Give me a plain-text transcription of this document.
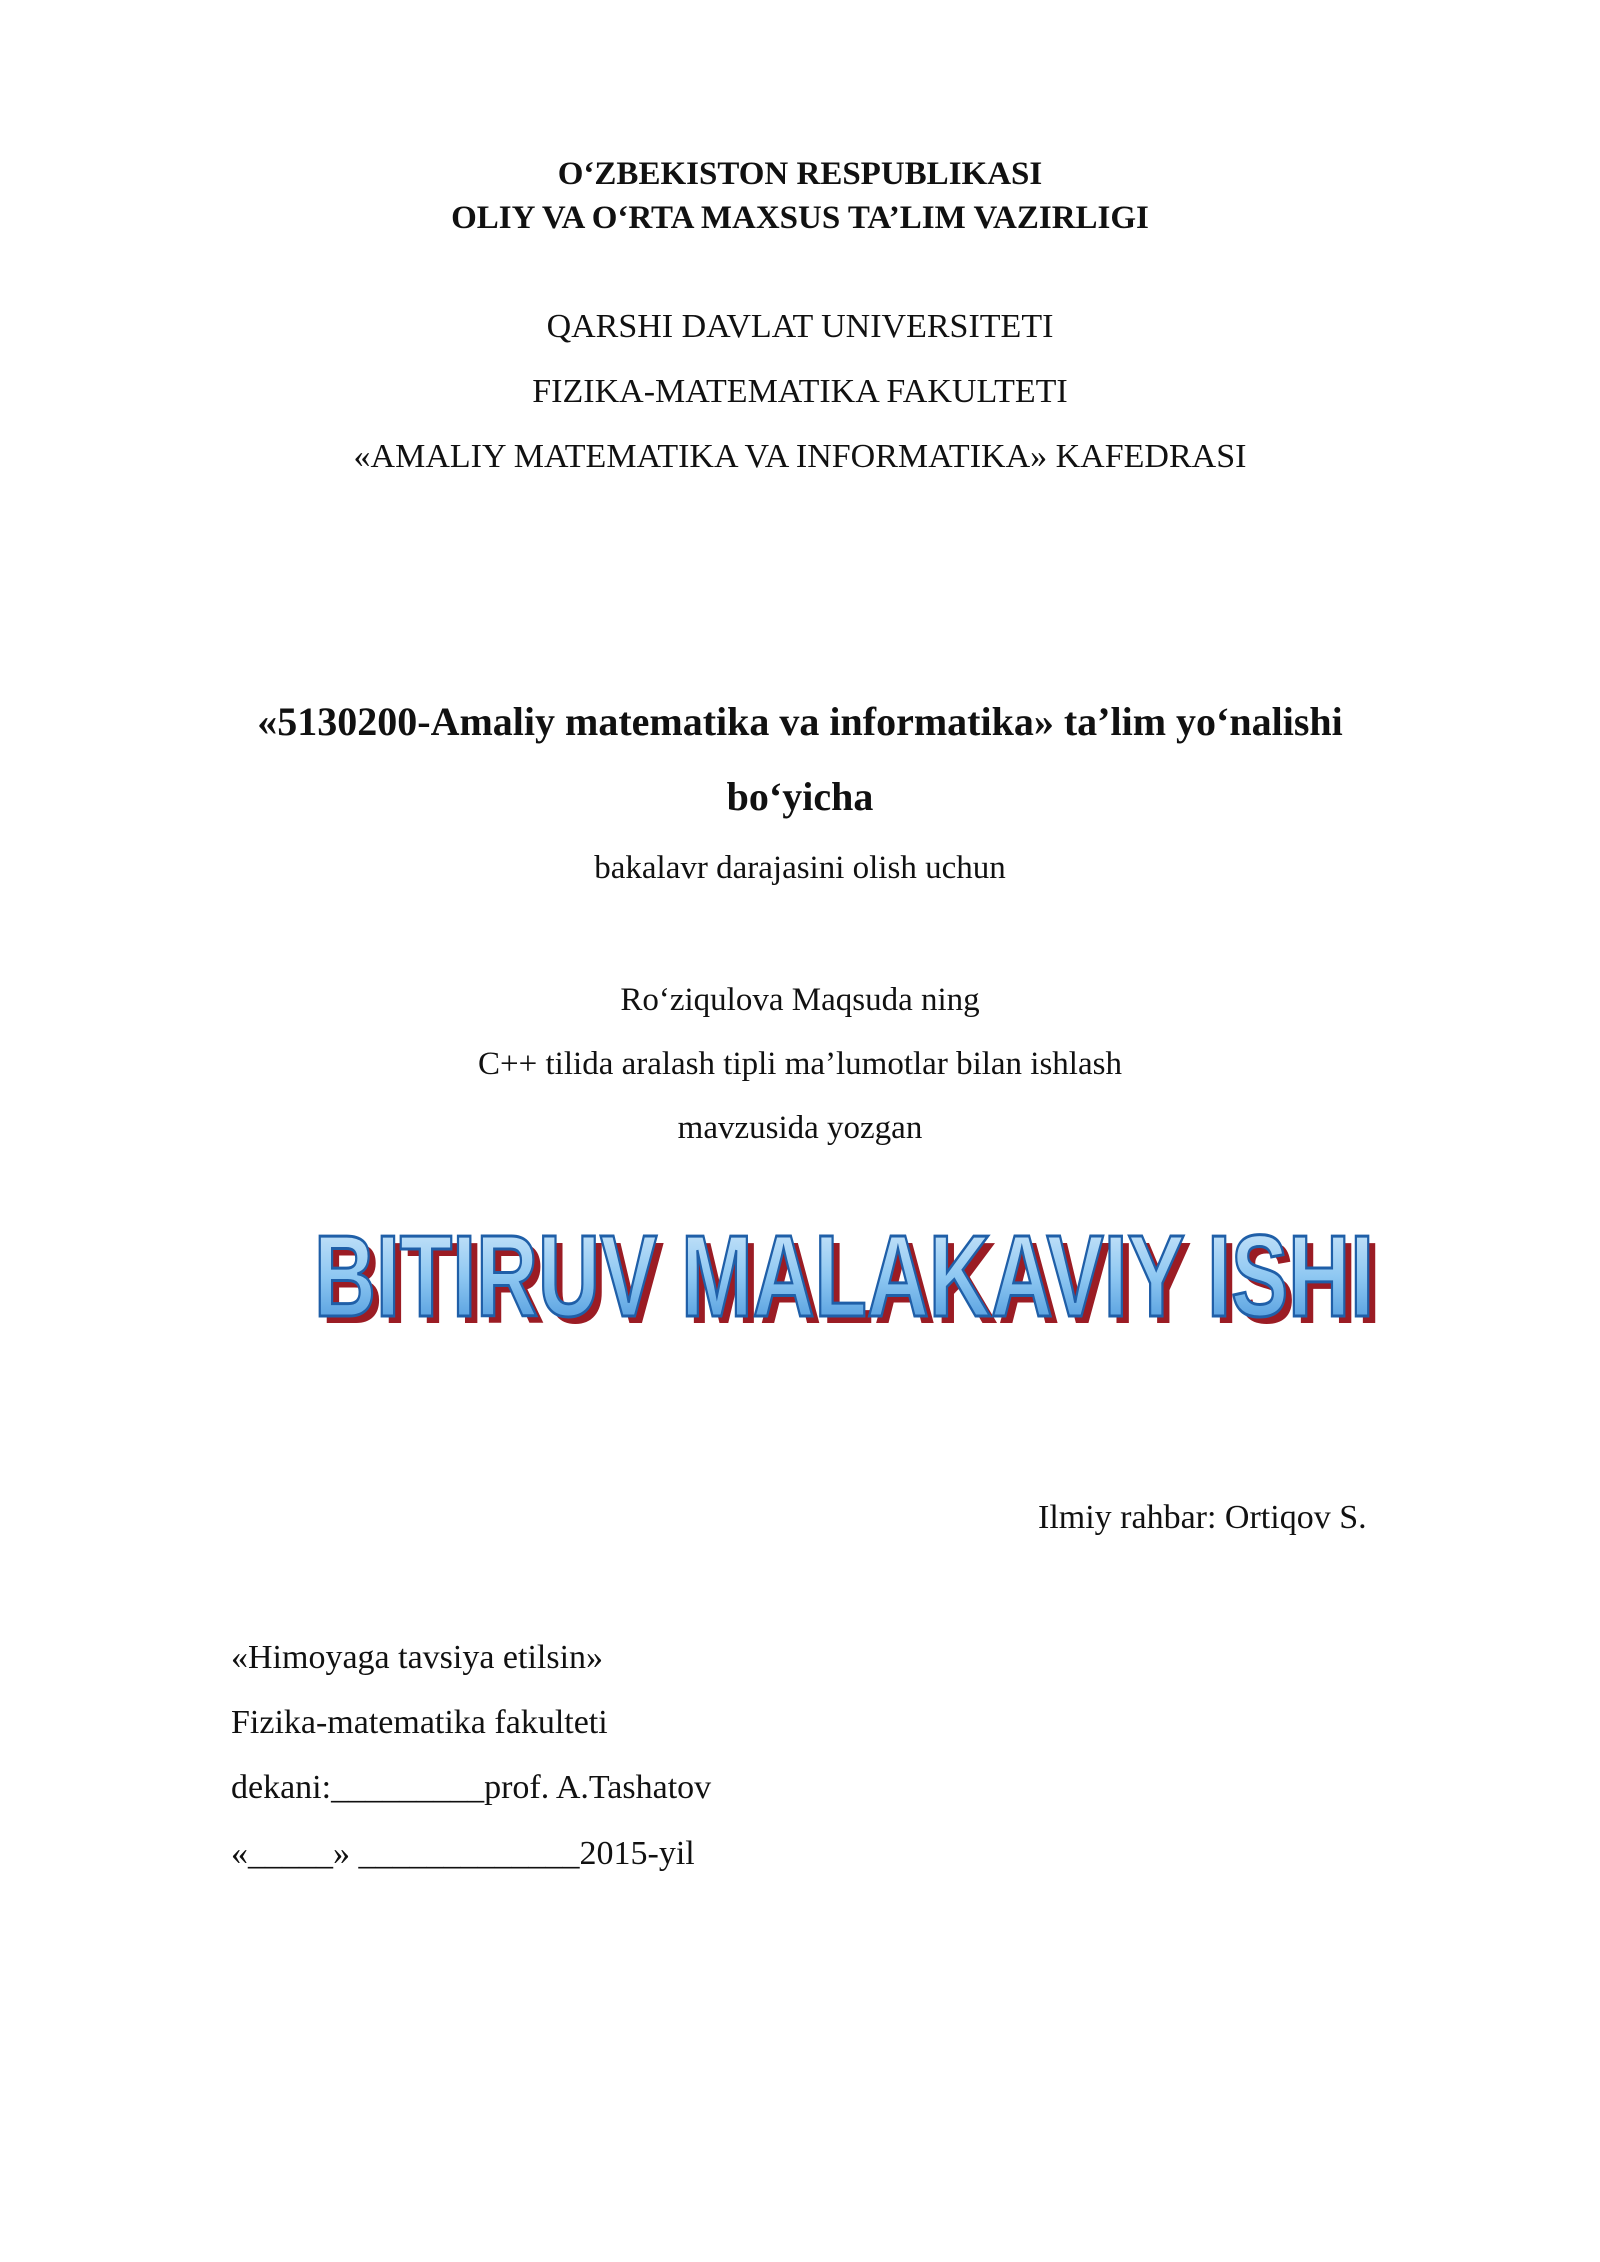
O‘ZBEKISTON RESPUBLIKASI
OLIY VA O‘RTA MAXSUS TA’LIM VAZIRLIGI
QARSHI DAVLAT UNIVERSITETI
FIZIKA-MATEMATIKA FAKULTETI
«AMALIY MATEMATIKA VA INFORMATIKA» KAFEDRASI
«5130200-Amaliy matematika va informatika» ta’lim yo‘nalishi
bo‘yicha
bakalavr darajasini olish uchun
Ro‘ziqulova Maqsuda ning
C++ tilida aralash tipli ma’lumotlar bilan ishlash
mavzusida yozgan
BITIRUV MALAKAVIY ISHI
BITIRUV MALAKAVIY ISHI
Ilmiy rahbar: Ortiqov S.
«Himoyaga tavsiya etilsin»
Fizika-matematika fakulteti
dekani:_________prof. A.Tashatov
«_____» _____________2015-yil
